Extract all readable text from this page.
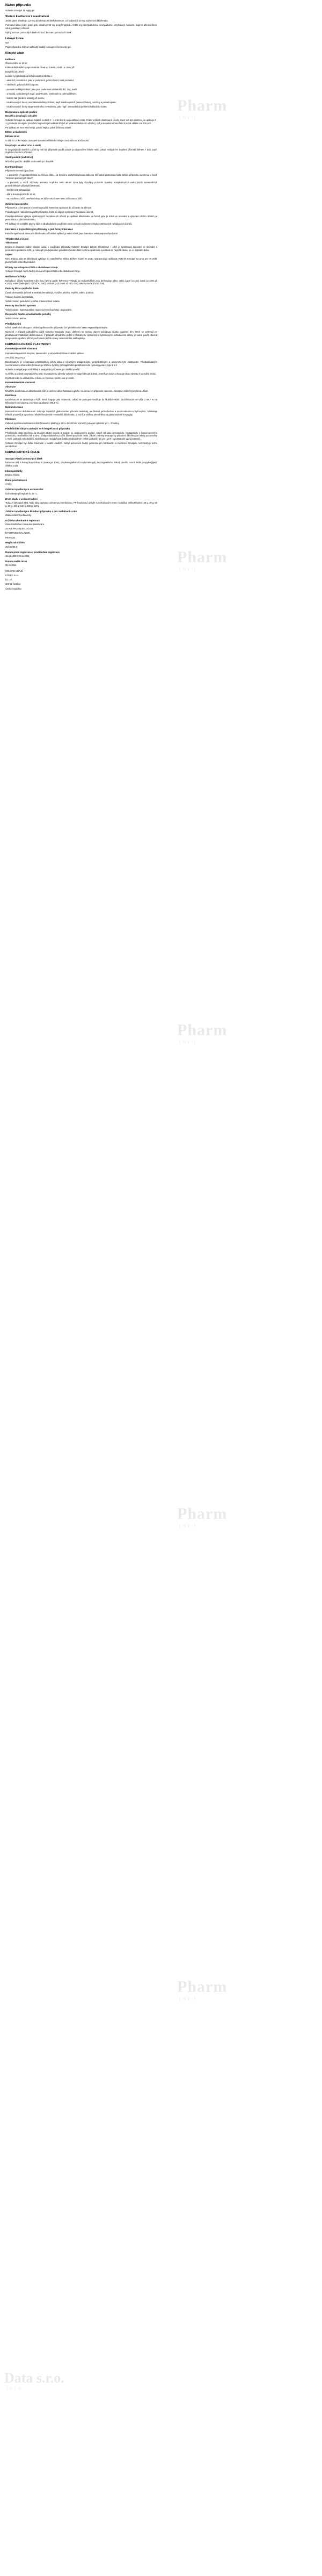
Pharm
INFO
Pharm
INFO
Pharm
INFO
Pharm
INFO
Pharm
INFO
Data s.r.o.
INFO
Název přípravku

Volterén Emulgel 10 mg/g gel

Složení kvalitativní i kvantitativní

Jeden gram obsahuje 11,6 mg diclofenacum diethylaminum, což odpovídá 10 mg sodné soli diklofenaku.

Pomocná látka: jeden gram gelu obsahuje 50 mg propylenglykolu, 0,005 mg benzylalkoholu, benzylalkohol, cetylstearyl, kumarin, isopren alfa-tokoferol, vůně, parabeny a linalol.

Úplný seznam pomocných látek viz bod "Seznam pomocných látek".

Léková forma

Gel

Popis přípravku: Bílý až nažloutlý hladký homogenní krémovitý gel.

Klinické údaje
Indikace

Onemocnění ve 14 let

Krátkodobá lokální symptomatická úleva od bolesti, zánětu a otoku při:

Dospělí (od 18 let):

Lokální symptomatická léčba bolesti a zánětu u:

- akutních poraněních, jako je podvrtnutí, pohmoždění, tupá poranění,

- zánětech, pohmožděních sportu

- poranění měkkých tkání, jako jsou podvrtnuté oblasti kloubů, zad, svalů

- a kloubů, způsobených např. podvrtnutím, vymknutím a pohmožděním,

- bolesti zad (bederní oblasti) při sportu;

- lokalizovaných forem revmatismu měkkých tkání, např. tendinopatiích (tenisový loket), burzitidy a periartropatie;

- lokalizovaných formy degenerativního revmatismu, jako např. osteoartritida periferních kloubů a kolen.

Dávkování a způsob podání

Dospělí a dospívající od 14 let

Volterén Emulgel se aplikuje lokálně na kůži 3 - 4 krát denně na postižené místo. Podle velikosti ošetřované plochy, které má být ošetřeno, se aplikuje 2 - 4 g Volterén Emulgelu (množství odpovídající velikosti třešně až velikosti vlašského ořechu), což je dostatečné množství k léčbě oblasti cca 400 cm².

Po aplikaci se ruce musí omýt, pokud nejsou právě léčenou oblastí.

Dětem a mladistvým

Děti do 14 let

U dětí do 14 let nejsou dostupné dostatečné klinické údaje o bezpečnosti a účinnosti.

Dospívající ve věku 14 let a starší

U dospívajících starších 14 let by měl být přípravek použit pouze po doporučení lékaře nebo pokud nedojde ke zlepšení příznaků během 7 dnů, popř. dojde ke zhoršení příznaků.

Starší pacienti (nad 65 let)

Může být použito obvyklé dávkování pro dospělé.

Kontraindikace

Přípravek se nesmí používat:

- u pacientů s hypersenzitivitou na léčivou látku, na kyselinu acetylsalicylovou nebo na kteroukoli pomocnou látku tohoto přípravku uvedenou v bodě "Seznam pomocných látek";

- u pacientů, u nichž záchvaty astmatu, kopřivka nebo akutní rýma byly vyvolány podáním kyseliny acetylsalicylové nebo jiných nesteroidních protizánětlivých přípravků (NSAID);

- třetí trimestr těhotenství;

- dětí a dospívajících do 14 let;

- na porušenou kůži, otevřené rány, na kůži s ekzémem nebo infikovanou kůži.

Zvláštní upozornění

Přípravek je určen pouze k zevnímu použití. Nesmí se aplikovat do očí nebo na sliznice.

Pokud dojde k náhodnému požití přípravku, může se objevit systémový nežádoucí účinek.

Pravděpodobnost výskytu systémových nežádoucích účinků po aplikaci diklofenaku ve formě gelu je nízká ve srovnání s výskytem těchto účinků po perorálním podání diklofenaku.

Při aplikaci na rozsáhlé plochy kůže a dlouhodobém používání nelze vyloučit možnost výskytu systémových nežádoucích účinků.

Interakce s jinými léčivými přípravky a jiné formy interakce

Protože systémová absorpce diklofenaku při lokální aplikaci je velmi nízká, jsou interakce velmi nepravděpodobné.

Těhotenství a kojení

Těhotenství

Nejsou k dispozici žádné klinické údaje o používání přípravku Volterén Emulgel během těhotenství. I když je systémová expozice ve srovnání s perorálními podáními nižší, je nutno při předepisování gravidním ženám dbát zvýšené opatrnosti a podávat co nejnižší dávku po co nejkratší dobu.

Kojení

Není známo, zda se diklofenak vylučuje do mateřského mléka. Během kojení se proto nedoporučuje aplikovat Volterén Emulgel na prsa ani na velké plochy kůže nebo dlouhodobě.

Účinky na schopnost řídit a obsluhovat stroje

Volterén Emulgel nemá žádný vliv na schopnost řídit nebo obsluhovat stroje.

Nežádoucí účinky

Nežádoucí účinky (uvedené níže jsou řazeny podle frekvence výskytu od nejčastějších) jsou definovány takto: velmi časté (≥1/10); časté (≥1/100 až <1/10); méně časté (≥1/1 000 až <1/100); vzácné (≥1/10 000 až <1/1 000); velmi vzácné (<1/10 000).

Poruchy kůže a podkožní tkáně

Časté: dermatitida (včetně kontaktní dermatitidy), vyrážka, ekzém, erytém, edém, pruritus.

Vzácné: bulózní dermatitida.

Velmi vzácné: pustulózní vyrážka, fotosenzitivní reakce.

Poruchy imunitního systému

Velmi vzácné: hypersenzitivní reakce (včetně kopřivky), angioedém.

Respirační, hrudní a mediastinální poruchy

Velmi vzácné: astma.

Předávkování

Nízká systémová absorpce lokálně aplikovaného přípravku činí předávkování velmi nepravděpodobným.

Nicméně v případě náhodného požití Volterén Emulgelu (např. dítětem) se mohou objevit nežádoucí účinky podobné těm, které se vyskytují po předávkování tabletami diclofenacum. V případě náhodného požití s následnými významnými systémovými nežádoucími účinky je nutné použít obecná terapeutická opatření běžně používaná k léčbě otravy nesteroidními antiflogistiky.

FARMAKOLOGICKÉ VLASTNOSTI

Farmakodynamické vlastnosti

Farmakoterapeutická skupina: Nesteroidní protizánětlivá léčiva k lokální aplikaci.

ATC kód: M02AA15

Diclofenacum je nesteroidní protizánětlivá léčivá látka s výraznými analgetickými, protizánětlivými a antipyretickými vlastnostmi. Předpokládaným mechanismem účinku diclofenacum je inhibice syntézy prostaglandinů prostřednictvím cyklooxygenázy typu 1 a 2.

Volterén Emulgel je protizánětlivý a analgetický přípravek pro lokální použití.

U zánětu a bolesti traumatického nebo revmatického původu Volterén Emulgel ulevuje bolesti, zmenšuje otoky a zkracuje dobu návratu k normální funkci.

Rychlost nebo se ukládá léku v tkáni, a zejména v místě, kde je zánět.

Farmakokinetické vlastnosti

Absorpce

Množství diclofenacum absorbované kůží je úměrné délce kontaktu a ploše, na kterou byl přípravek nanesen. Absorpce může být zvýšena okluzí.

Distribuce

Diclofenacum se akumuluje v kůži, která funguje jako rezervoár, odkud se postupně uvolňuje do hlubších tkání. Diclofenacum se váže z 99,7 % na bílkoviny krevní plazmy, zejména na albumin (99,4 %).

Biotransformace

Biotransformace diclofenacum zahrnuje částečně glukuronidaci původní molekuly, ale hlavně jednoduchou a mnohonásobnou hydroxylaci. Následuje několik procesů je vytvořeno několik fenolových metabolitů diklofenaku, z nichž je většina přeměněna na glukuronidové konjugáty.

Eliminace

Celková systémová clearance diclofenacum z plazmy je 263 ± 56 ml/min. Konečný poločas v plazmě je 1 - 2 hodiny.

Předklinické údaje vztahující se k bezpečnosti přípravku

Předklinické data založená na studiích akutní toxicity a toxicity po opakovaném podání, stejně tak jako genotoxicity, mutagenicity a kancerogenního potenciálu, neodhalily u lidí v rámci předpokládaného použití žádné specifické riziko. Žádné známky teratogenity působení diklofenaku nebyly pozorovány u myší, potkanů nebo králíků. Diclofenacum neovlivňoval fertilitu rodičovských zvířat (potkanů) ani pre-, peri- a postnatální vývoj potomků.

Volterén Emulgel byl dobře tolerován v lokální studiích. Nebyl pozorován žádný potenciál pro fototoxicitu a tolerance Emulgelu nezpůsobuje kožní senzibilizaci.

FARMACEUTICKÉ ÚDAJE
Seznam všech pomocných látek

karbomer 974 P, kokoyl kaprylokaprát (makrogol 1000), cetylstearylalkohol (cetylomakrogol), isopropylalkohol, tekutý parafín, vonná směs, propylenglykol, čištěná voda.

Inkompatibility

Nejsou známy.

Doba použitelnosti

3 roky.

Zvláštní opatření pro uchovávání

Uchovávejte při teplotě do 25 °C.

Druh obalu a velikost balení

Tuba: Al lakovaná tuba, hrdlo tuby zataveno ochrannou membránou, PP šroubovací uzávěr s prořezávacím trnem, krabička. Velikost balení: 20 g, 30 g, 50 g, 60 g, 100 g, 120 g, 150 g, 180 g.

Zvláštní opatření pro likvidaci přípravku a pro zacházení s ním

Žádné zvláštní požadavky.

Držitel rozhodnutí o registraci

GlaxoSmithKline Consumer Healthcare

20 AVE FRANQUIS JACOB,

NYON RUES-BALÁZSIK,

FRANCIE

Registrační číslo

29/162/86-C

Datum první registrace / prodloužení registrace

15.12.1986 / 30.11.2016

Datum revize textu

30.11.2016

SOUHRN ÚDAJŮ

KONEC s.r.o.

Lic. 27,

203 01 Čestlice

Česká republika
